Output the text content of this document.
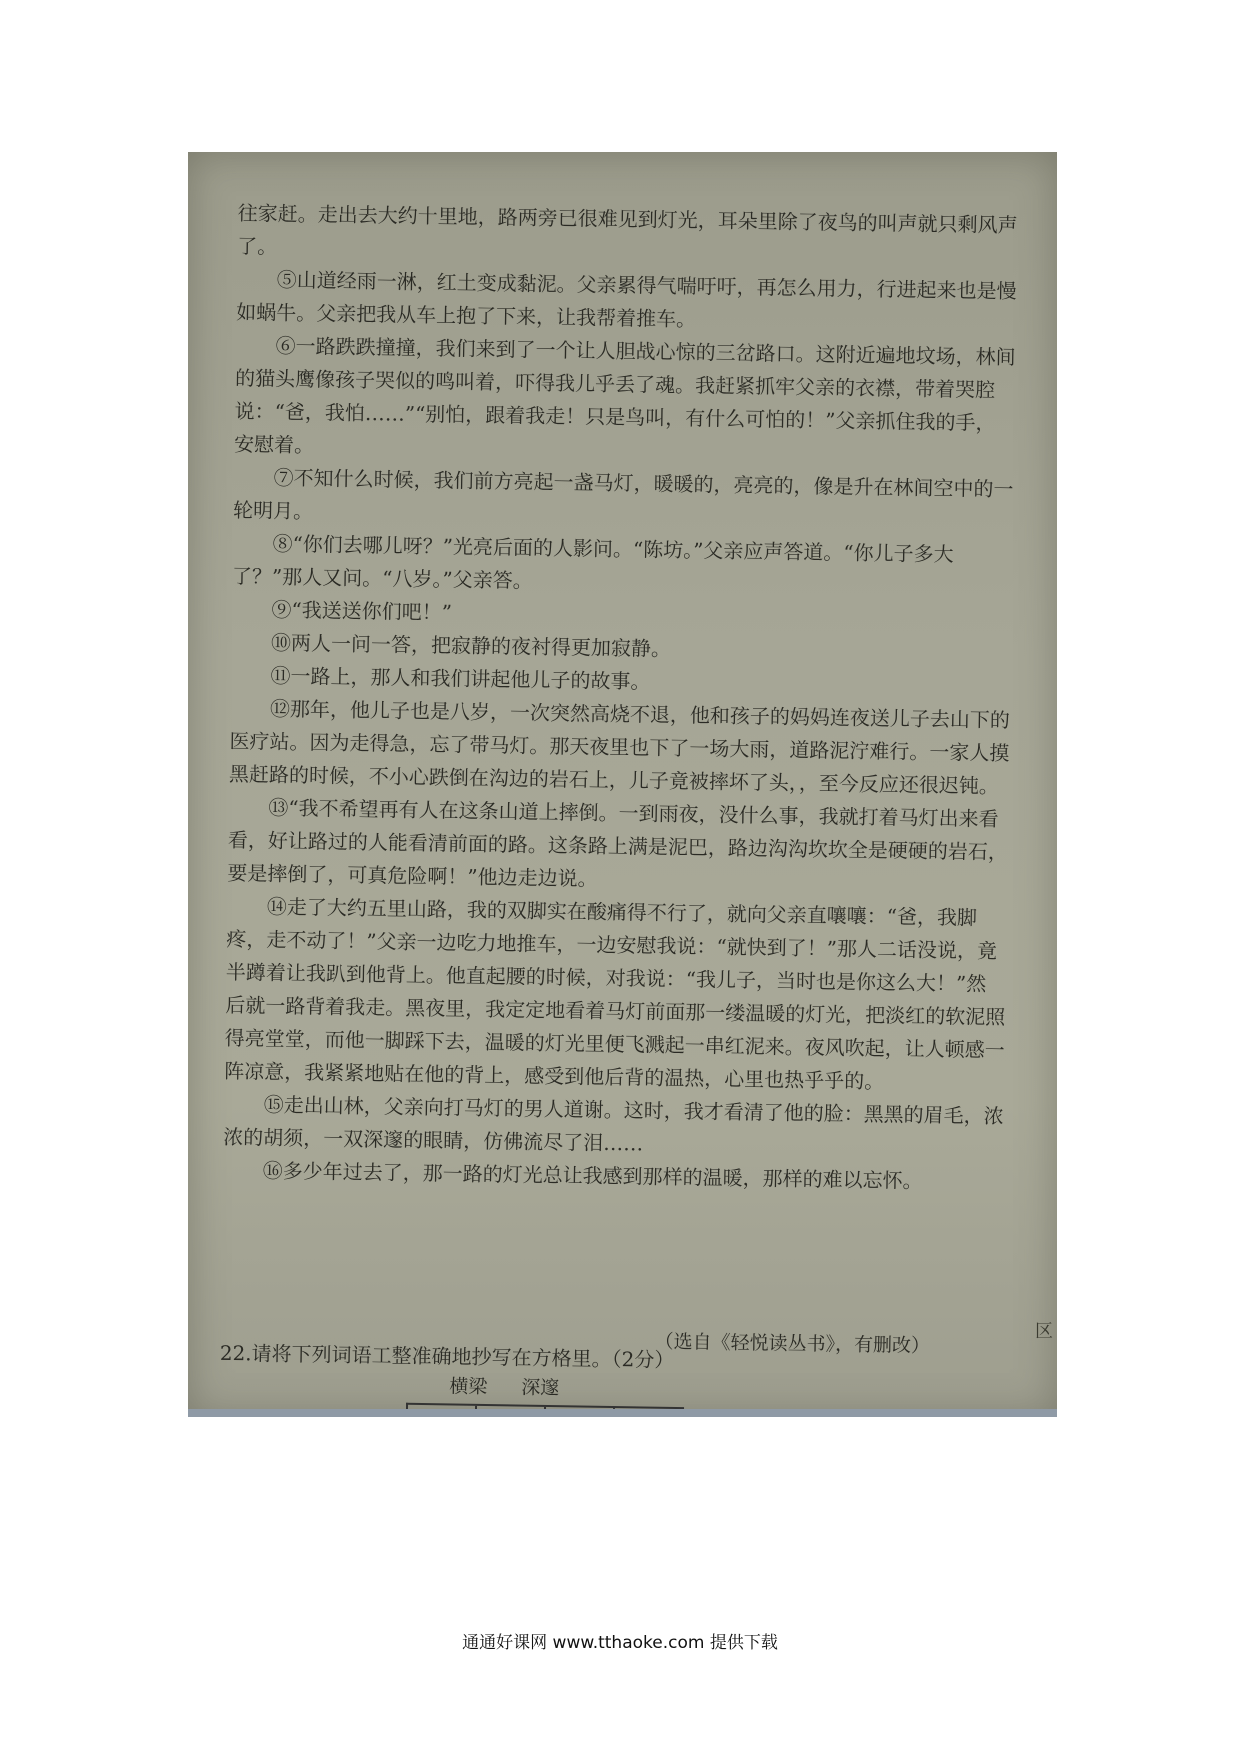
往家赶。走出去大约十里地，路两旁已很难见到灯光，耳朵里除了夜鸟的叫声就只剩风声了。

⑤山道经雨一淋，红土变成黏泥。父亲累得气喘吁吁，再怎么用力，行进起来也是慢如蜗牛。父亲把我从车上抱了下来，让我帮着推车。

⑥一路跌跌撞撞，我们来到了一个让人胆战心惊的三岔路口。这附近遍地坟场，林间的猫头鹰像孩子哭似的鸣叫着，吓得我儿乎丢了魂。我赶紧抓牢父亲的衣襟，带着哭腔说：“爸，我怕……”“别怕，跟着我走！只是鸟叫，有什么可怕的！”父亲抓住我的手，安慰着。

⑦不知什么时候，我们前方亮起一盏马灯，暖暖的，亮亮的，像是升在林间空中的一轮明月。

⑧“你们去哪儿呀？”光亮后面的人影问。“陈坊。”父亲应声答道。“你儿子多大了？”那人又问。“八岁。”父亲答。

⑨“我送送你们吧！”

⑩两人一问一答，把寂静的夜衬得更加寂静。

⑪一路上，那人和我们讲起他儿子的故事。

⑫那年，他儿子也是八岁，一次突然高烧不退，他和孩子的妈妈连夜送儿子去山下的医疗站。因为走得急，忘了带马灯。那天夜里也下了一场大雨，道路泥泞难行。一家人摸黑赶路的时候，不小心跌倒在沟边的岩石上，儿子竟被摔坏了头，，至今反应还很迟钝。

⑬“我不希望再有人在这条山道上摔倒。一到雨夜，没什么事，我就打着马灯出来看看，好让路过的人能看清前面的路。这条路上满是泥巴，路边沟沟坎坎全是硬硬的岩石，要是摔倒了，可真危险啊！”他边走边说。

⑭走了大约五里山路，我的双脚实在酸痛得不行了，就向父亲直嚷嚷：“爸，我脚疼，走不动了！”父亲一边吃力地推车，一边安慰我说：“就快到了！”那人二话没说，竟半蹲着让我趴到他背上。他直起腰的时候，对我说：“我儿子，当时也是你这么大！”然后就一路背着我走。黑夜里，我定定地看着马灯前面那一缕温暖的灯光，把淡红的软泥照得亮堂堂，而他一脚踩下去，温暖的灯光里便飞溅起一串红泥来。夜风吹起，让人顿感一阵凉意，我紧紧地贴在他的背上，感受到他后背的温热，心里也热乎乎的。

⑮走出山林，父亲向打马灯的男人道谢。这时，我才看清了他的脸：黑黑的眉毛，浓浓的胡须，一双深邃的眼睛，仿佛流尽了泪……

⑯多少年过去了，那一路的灯光总让我感到那样的温暖，那样的难以忘怀。

（选自《轻悦读丛书》，有删改）
22.请将下列词语工整准确地抄写在方格里。（2分）
横梁 深邃
区
通通好课网 www.tthaoke.com 提供下载
